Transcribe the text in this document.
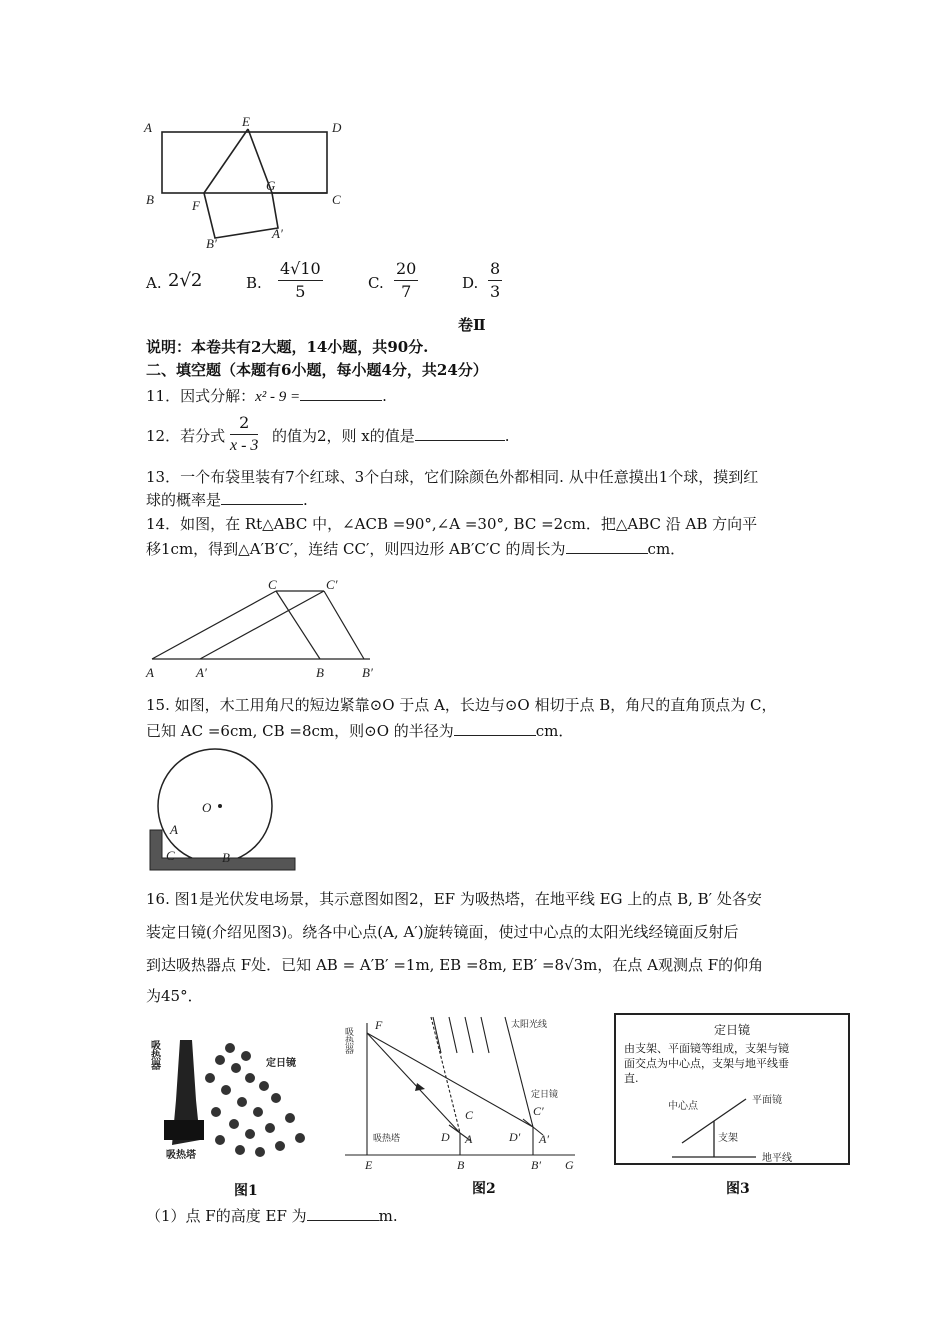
A	E	D
B	F
G
C
A′
B′
A. 2√2	B. $\frac{4√10}{5}$	C. $\frac{20}{7}$	D. $\frac{8}{3}$
卷Ⅱ
说明：本卷共有2大题，14小题，共90分.
二、填空题（本题有6小题，每小题4分，共24分）
11．因式分解：x² - 9 =	.
12．若分式 $\frac{2}{x - 3}$ 的值为2，则 x的值是	.
13．一个布袋里装有7个红球、3个白球，它们除颜色外都相同. 从中任意摸出1个球，摸到红
球的概率是	.
14．如图，在 Rt△ABC 中，∠ACB =90°,∠A =30°, BC =2cm．把△ABC 沿 AB 方向平
移1cm，得到△A′B′C′，连结 CC′，则四边形 AB′C′C 的周长为	cm．
C	C′
A	A′	B	B′
15. 如图，木工用角尺的短边紧靠⊙O 于点 A，长边与⊙O 相切于点 B，角尺的直角顶点为 C，
已知 AC =6cm, CB =8cm，则⊙O 的半径为	cm．
O
A
C	B
16. 图1是光伏发电场景，其示意图如图2，EF 为吸热塔，在地平线 EG 上的点 B, B′ 处各安
装定日镜(介绍见图3)。绕各中心点(A, A′)旋转镜面，使过中心点的太阳光线经镜面反射后
到达吸热器点 F处．已知 AB = A′B′ =1m, EB =8m, EB′ =8√3m，在点 A观测点 F的仰角
为45°．
吸热器	定日镜
吸热塔
图1
F
C	C′
D A	D′ A′
E	B	B′ G
吸热器
太阳光线
定日镜
吸热塔
图2
定日镜
由支架、平面镜等组成，支架与镜
面交点为中心点，支架与地平线垂
直.
中心点
平面镜
支架
地平线
图3
（1）点 F的高度 EF 为	m.
